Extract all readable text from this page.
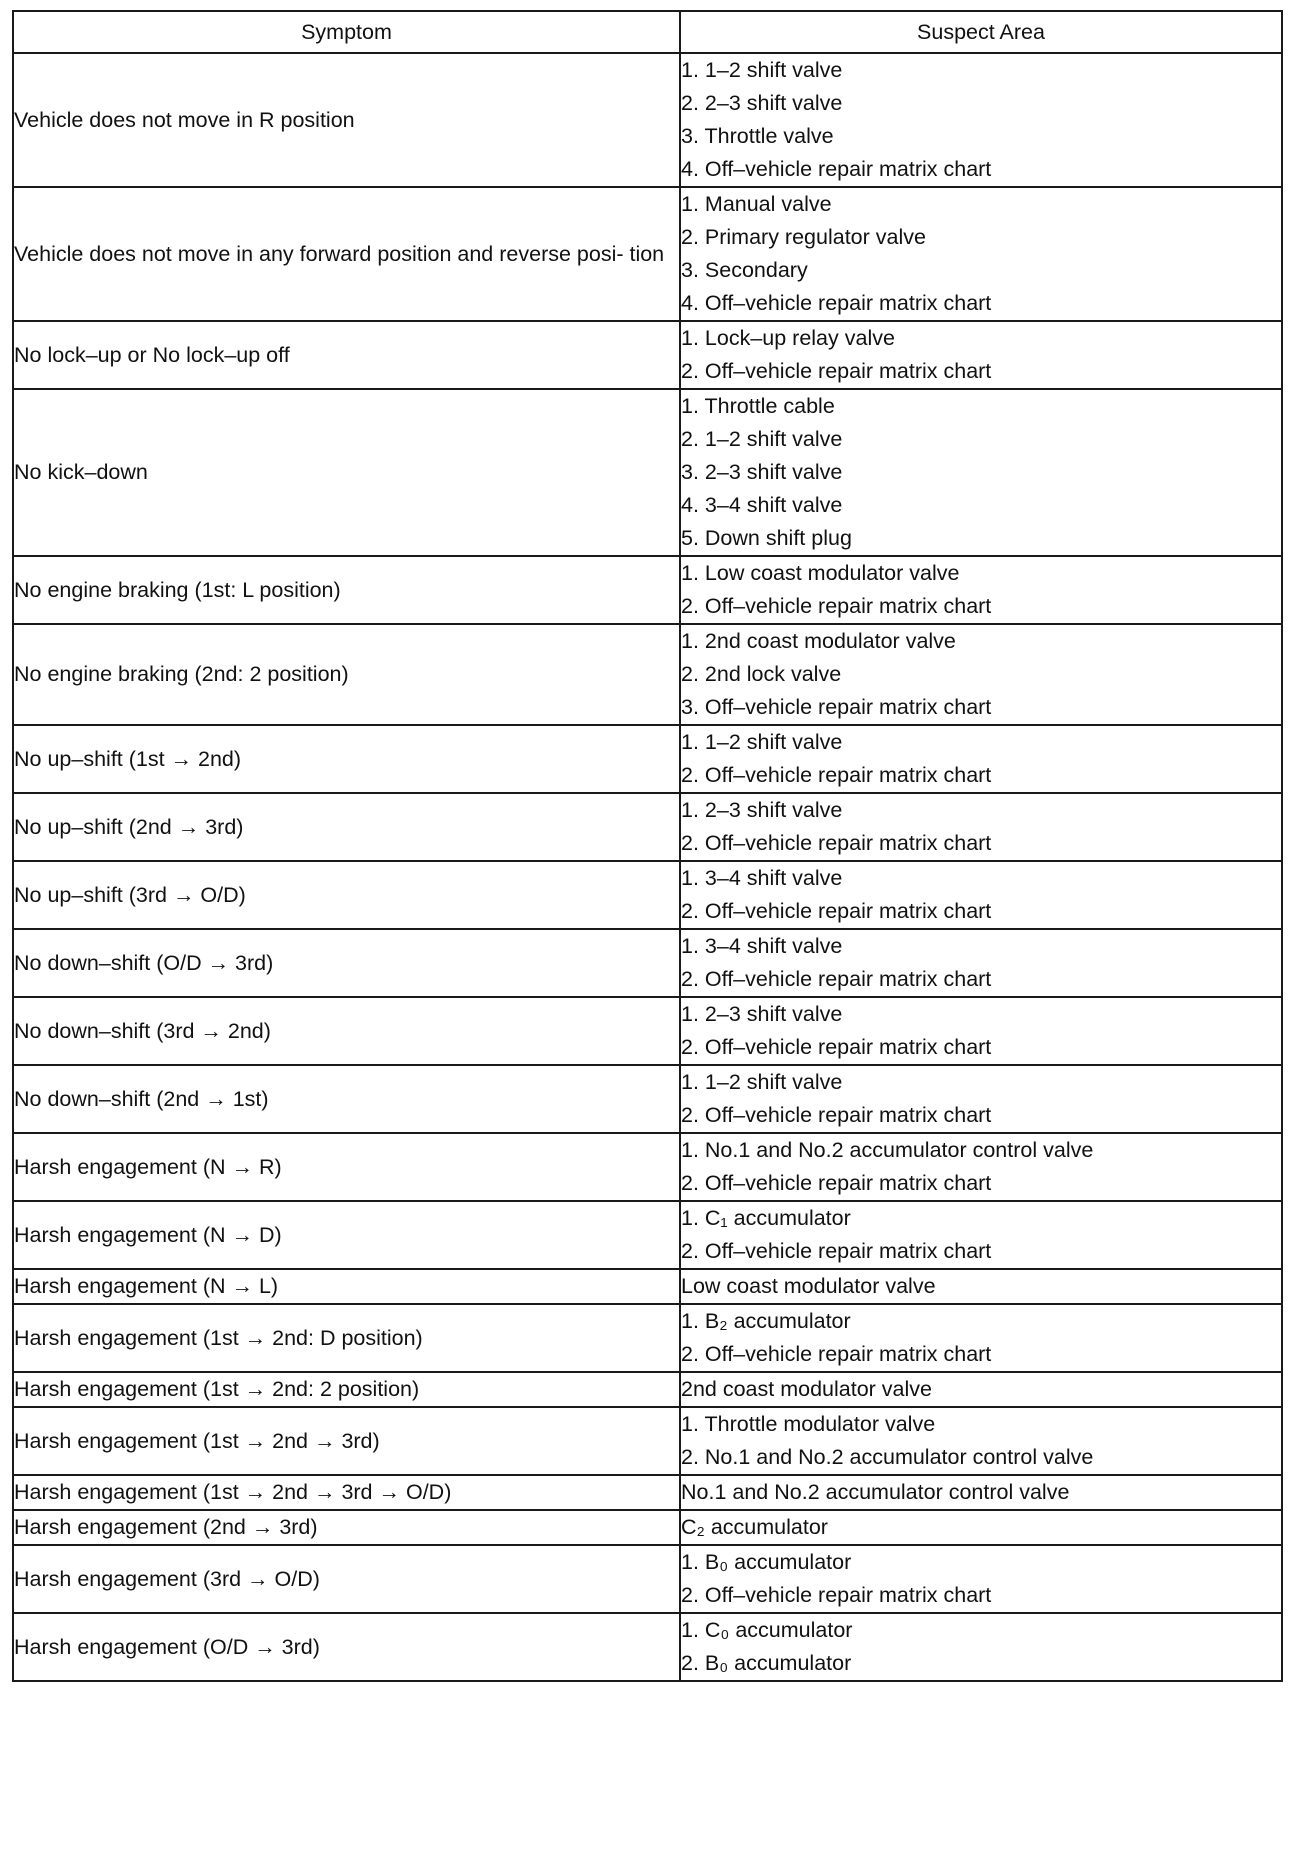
Symptom	Suspect Area
Vehicle does not move in R position	1. 1–2 shift valve
2. 2–3 shift valve
3. Throttle valve
4. Off–vehicle repair matrix chart

Vehicle does not move in any forward position and reverse posi- tion	1. Manual valve
2. Primary regulator valve
3. Secondary
4. Off–vehicle repair matrix chart

No lock–up or No lock–up off	1. Lock–up relay valve
2. Off–vehicle repair matrix chart

No kick–down	1. Throttle cable
2. 1–2 shift valve
3. 2–3 shift valve
4. 3–4 shift valve
5. Down shift plug

No engine braking (1st: L position)	1. Low coast modulator valve
2. Off–vehicle repair matrix chart

No engine braking (2nd: 2 position)	1. 2nd coast modulator valve
2. 2nd lock valve
3. Off–vehicle repair matrix chart

No up–shift (1st → 2nd)	1. 1–2 shift valve
2. Off–vehicle repair matrix chart

No up–shift (2nd → 3rd)	1. 2–3 shift valve
2. Off–vehicle repair matrix chart

No up–shift (3rd → O/D)	1. 3–4 shift valve
2. Off–vehicle repair matrix chart

No down–shift (O/D → 3rd)	1. 3–4 shift valve
2. Off–vehicle repair matrix chart

No down–shift (3rd → 2nd)	1. 2–3 shift valve
2. Off–vehicle repair matrix chart

No down–shift (2nd → 1st)	1. 1–2 shift valve
2. Off–vehicle repair matrix chart

Harsh engagement (N → R)	1. No.1 and No.2 accumulator control valve
2. Off–vehicle repair matrix chart

Harsh engagement (N → D)	1. C₁ accumulator
2. Off–vehicle repair matrix chart

Harsh engagement (N → L)	Low coast modulator valve

Harsh engagement (1st → 2nd: D position)	1. B₂ accumulator
2. Off–vehicle repair matrix chart

Harsh engagement (1st → 2nd: 2 position)	2nd coast modulator valve

Harsh engagement (1st → 2nd → 3rd)	1. Throttle modulator valve
2. No.1 and No.2 accumulator control valve

Harsh engagement (1st → 2nd → 3rd → O/D)	No.1 and No.2 accumulator control valve

Harsh engagement (2nd → 3rd)	C₂ accumulator

Harsh engagement (3rd → O/D)	1. B₀ accumulator
2. Off–vehicle repair matrix chart

Harsh engagement (O/D → 3rd)	1. C₀ accumulator
2. B₀ accumulator
